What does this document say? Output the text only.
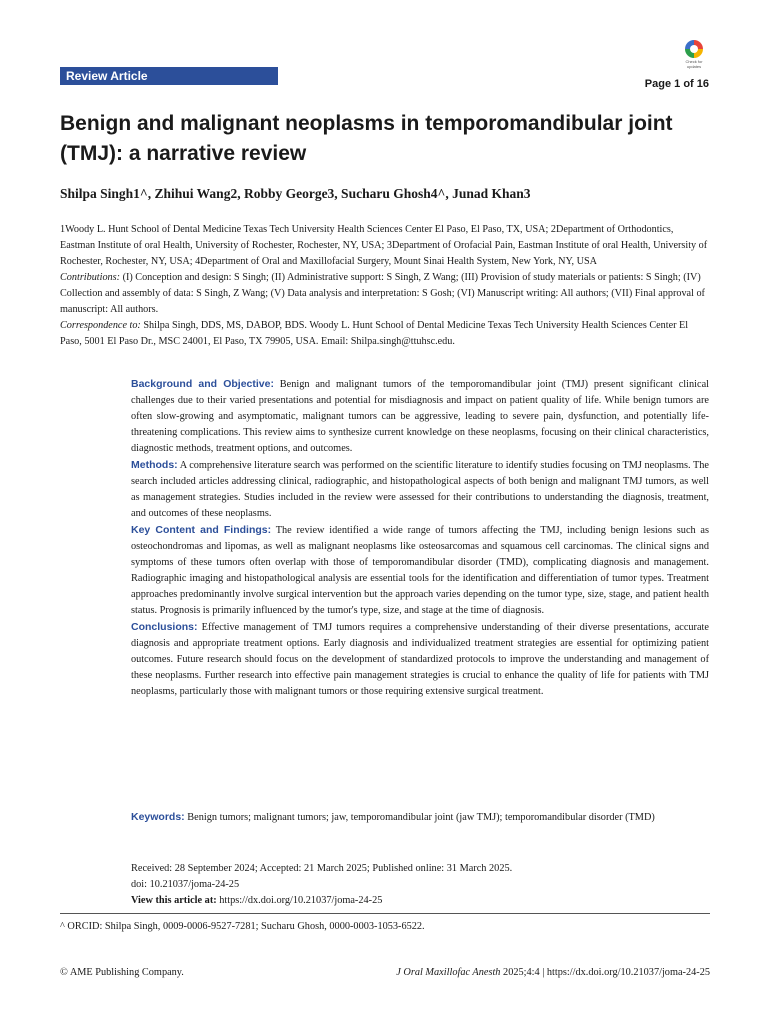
Review Article
Check for updates
Page 1 of 16
Benign and malignant neoplasms in temporomandibular joint (TMJ): a narrative review
Shilpa Singh1^, Zhihui Wang2, Robby George3, Sucharu Ghosh4^, Junad Khan3

1Woody L. Hunt School of Dental Medicine Texas Tech University Health Sciences Center El Paso, El Paso, TX, USA; 2Department of Orthodontics, Eastman Institute of oral Health, University of Rochester, Rochester, NY, USA; 3Department of Orofacial Pain, Eastman Institute of oral Health, University of Rochester, Rochester, NY, USA; 4Department of Oral and Maxillofacial Surgery, Mount Sinai Health System, New York, NY, USA

Contributions: (I) Conception and design: S Singh; (II) Administrative support: S Singh, Z Wang; (III) Provision of study materials or patients: S Singh; (IV) Collection and assembly of data: S Singh, Z Wang; (V) Data analysis and interpretation: S Gosh; (VI) Manuscript writing: All authors; (VII) Final approval of manuscript: All authors.

Correspondence to: Shilpa Singh, DDS, MS, DABOP, BDS. Woody L. Hunt School of Dental Medicine Texas Tech University Health Sciences Center El Paso, 5001 El Paso Dr., MSC 24001, El Paso, TX 79905, USA. Email: Shilpa.singh@ttuhsc.edu.

Background and Objective: Benign and malignant tumors of the temporomandibular joint (TMJ) present significant clinical challenges due to their varied presentations and potential for misdiagnosis and impact on patient quality of life. While benign tumors are often slow-growing and asymptomatic, malignant tumors can be aggressive, leading to severe pain, dysfunction, and potentially life-threatening complications. This review aims to synthesize current knowledge on these neoplasms, focusing on their clinical characteristics, diagnostic methods, treatment options, and outcomes.

Methods: A comprehensive literature search was performed on the scientific literature to identify studies focusing on TMJ neoplasms. The search included articles addressing clinical, radiographic, and histopathological aspects of both benign and malignant TMJ tumors, as well as management strategies. Studies included in the review were assessed for their contributions to understanding the diagnosis, treatment, and outcomes of these neoplasms.

Key Content and Findings: The review identified a wide range of tumors affecting the TMJ, including benign lesions such as osteochondromas and lipomas, as well as malignant neoplasms like osteosarcomas and squamous cell carcinomas. The clinical signs and symptoms of these tumors often overlap with those of temporomandibular disorder (TMD), complicating diagnosis and management. Radiographic imaging and histopathological analysis are essential tools for the identification and differentiation of tumor types. Treatment approaches predominantly involve surgical intervention but the approach varies depending on the tumor type, size, stage, and patient health status. Prognosis is primarily influenced by the tumor's type, size, and stage at the time of diagnosis.

Conclusions: Effective management of TMJ tumors requires a comprehensive understanding of their diverse presentations, accurate diagnosis and appropriate treatment options. Early diagnosis and individualized treatment strategies are essential for optimizing patient outcomes. Future research should focus on the development of standardized protocols to improve the understanding and management of these neoplasms. Further research into effective pain management strategies is crucial to enhance the quality of life for patients with TMJ neoplasms, particularly those with malignant tumors or those requiring extensive surgical treatment.

Keywords: Benign tumors; malignant tumors; jaw, temporomandibular joint (jaw TMJ); temporomandibular disorder (TMD)

Received: 28 September 2024; Accepted: 21 March 2025; Published online: 31 March 2025.

doi: 10.21037/joma-24-25

View this article at: https://dx.doi.org/10.21037/joma-24-25

^ ORCID: Shilpa Singh, 0009-0006-9527-7281; Sucharu Ghosh, 0000-0003-1053-6522.
© AME Publishing Company.	J Oral Maxillofac Anesth 2025;4:4 | https://dx.doi.org/10.21037/joma-24-25
